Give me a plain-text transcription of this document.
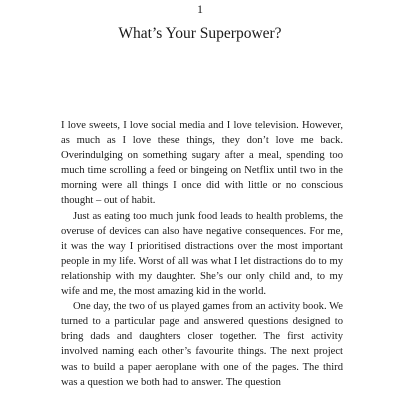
1
What’s Your Superpower?

I love sweets, I love social media and I love television. However, as much as I love these things, they don’t love me back. Overindulging on something sugary after a meal, spending too much time scrolling a feed or bingeing on Netflix until two in the morning were all things I once did with little or no conscious thought – out of habit.

Just as eating too much junk food leads to health problems, the overuse of devices can also have negative consequences. For me, it was the way I prioritised distractions over the most important people in my life. Worst of all was what I let distractions do to my relationship with my daughter. She’s our only child and, to my wife and me, the most amazing kid in the world.

One day, the two of us played games from an activity book. We turned to a particular page and answered questions designed to bring dads and daughters closer together. The first activity involved naming each other’s favourite things. The next project was to build a paper aeroplane with one of the pages. The third was a question we both had to answer. The question
